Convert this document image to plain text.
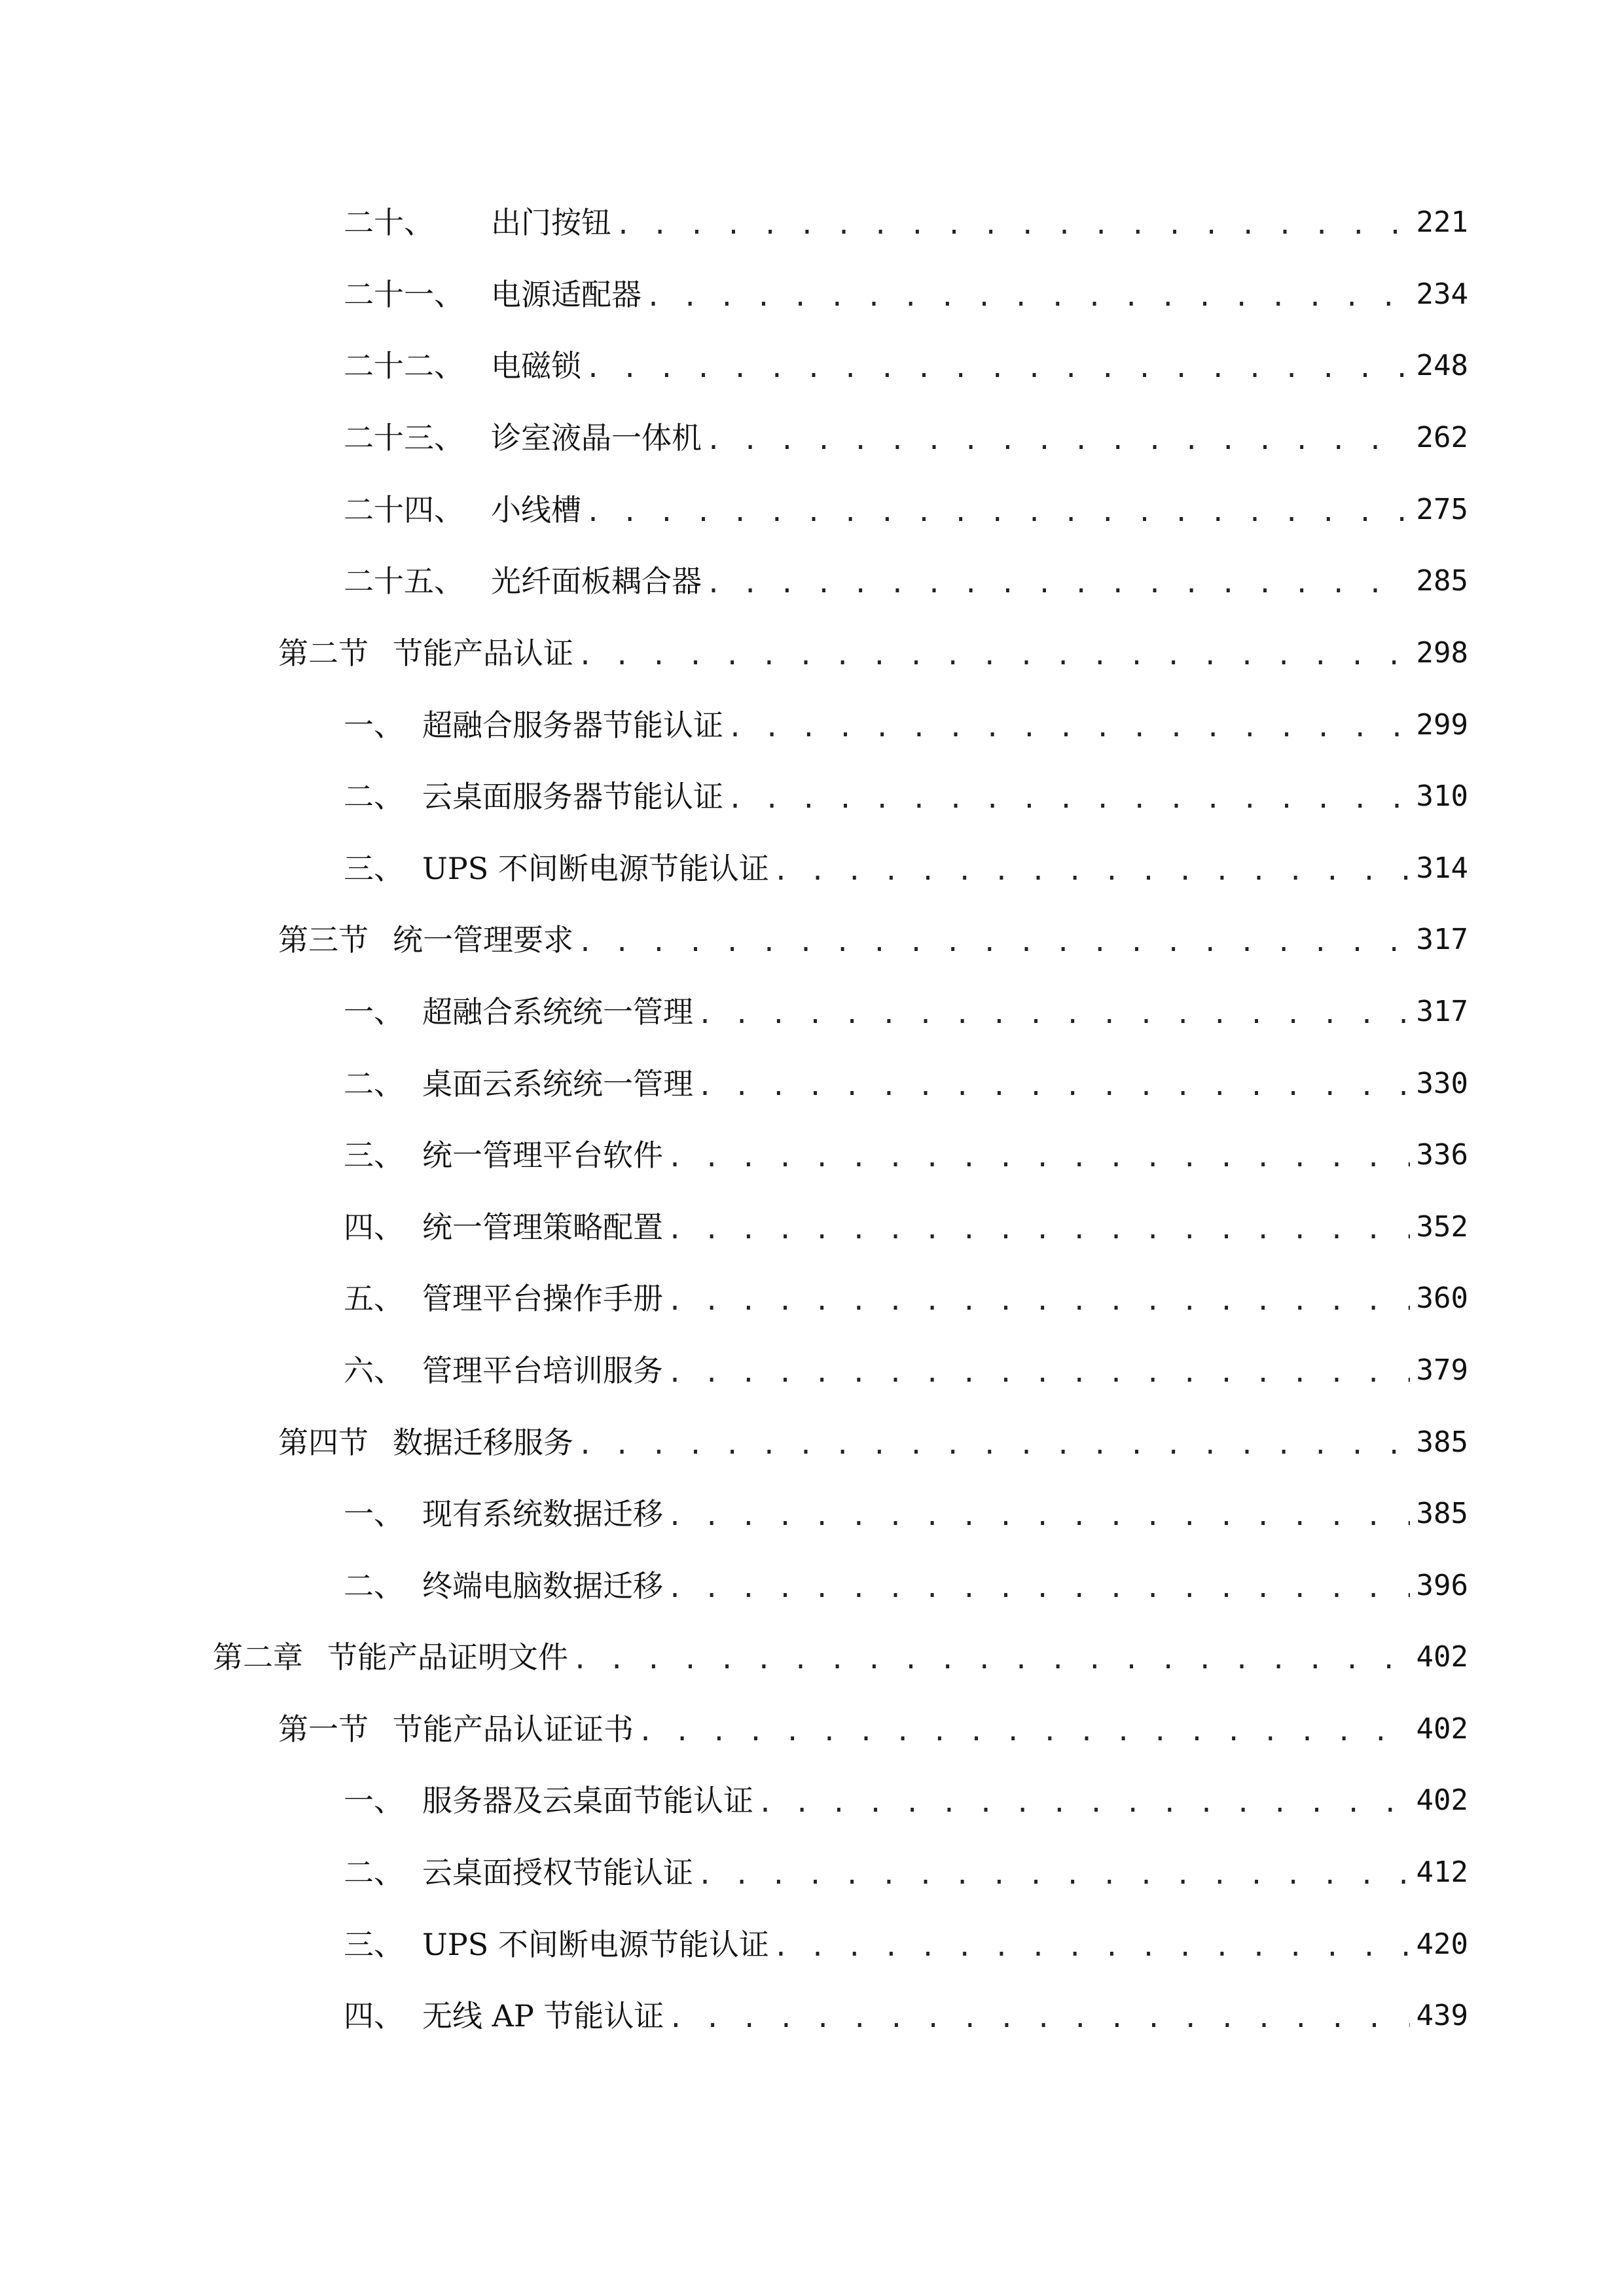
二十、	出门按钮 . . .	221
二十一、 电源适配器 . . .	234
二十二、 电磁锁 . . .	248
二十三、 诊室液晶一体机 . . .	262
二十四、 小线槽 . . .	275
二十五、 光纤面板耦合器 . . .	285
第二节 节能产品认证 . . .	298
一、 超融合服务器节能认证 . . .	299
二、 云桌面服务器节能认证 . . .	310
三、 UPS 不间断电源节能认证 . . .	314
第三节 统一管理要求 . . .	317
一、 超融合系统统一管理 . . .	317
二、 桌面云系统统一管理 . . .	330
三、 统一管理平台软件 . . .	336
四、 统一管理策略配置 . . .	352
五、 管理平台操作手册 . . .	360
六、 管理平台培训服务 . . .	379
第四节 数据迁移服务 . . .	385
一、 现有系统数据迁移 . . .	385
二、 终端电脑数据迁移 . . .	396
第二章 节能产品证明文件 . . .	402
第一节 节能产品认证证书 . . .	402
一、 服务器及云桌面节能认证 . . .	402
二、 云桌面授权节能认证 . . .	412
三、 UPS 不间断电源节能认证 . . .	420
四、 无线 AP 节能认证 . . .	439
